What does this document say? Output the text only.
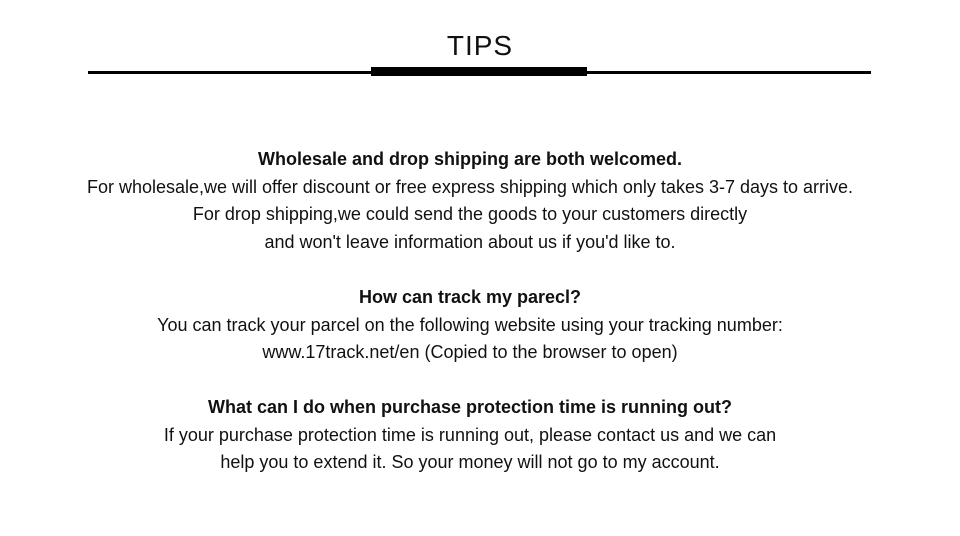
TIPS
Wholesale and drop shipping are both welcomed.
For wholesale,we will offer discount or free express shipping which only takes 3-7 days to arrive.
For drop shipping,we could send the goods to your customers directly
and won't leave information about us if you'd like to.
How can track my parecl?
You can track your parcel on the following website using your tracking number:
www.17track.net/en (Copied to the browser to open)
What can I do when purchase protection time is running out?
If your purchase protection time is running out, please contact us and we can
help you to extend it. So your money will not go to my account.
